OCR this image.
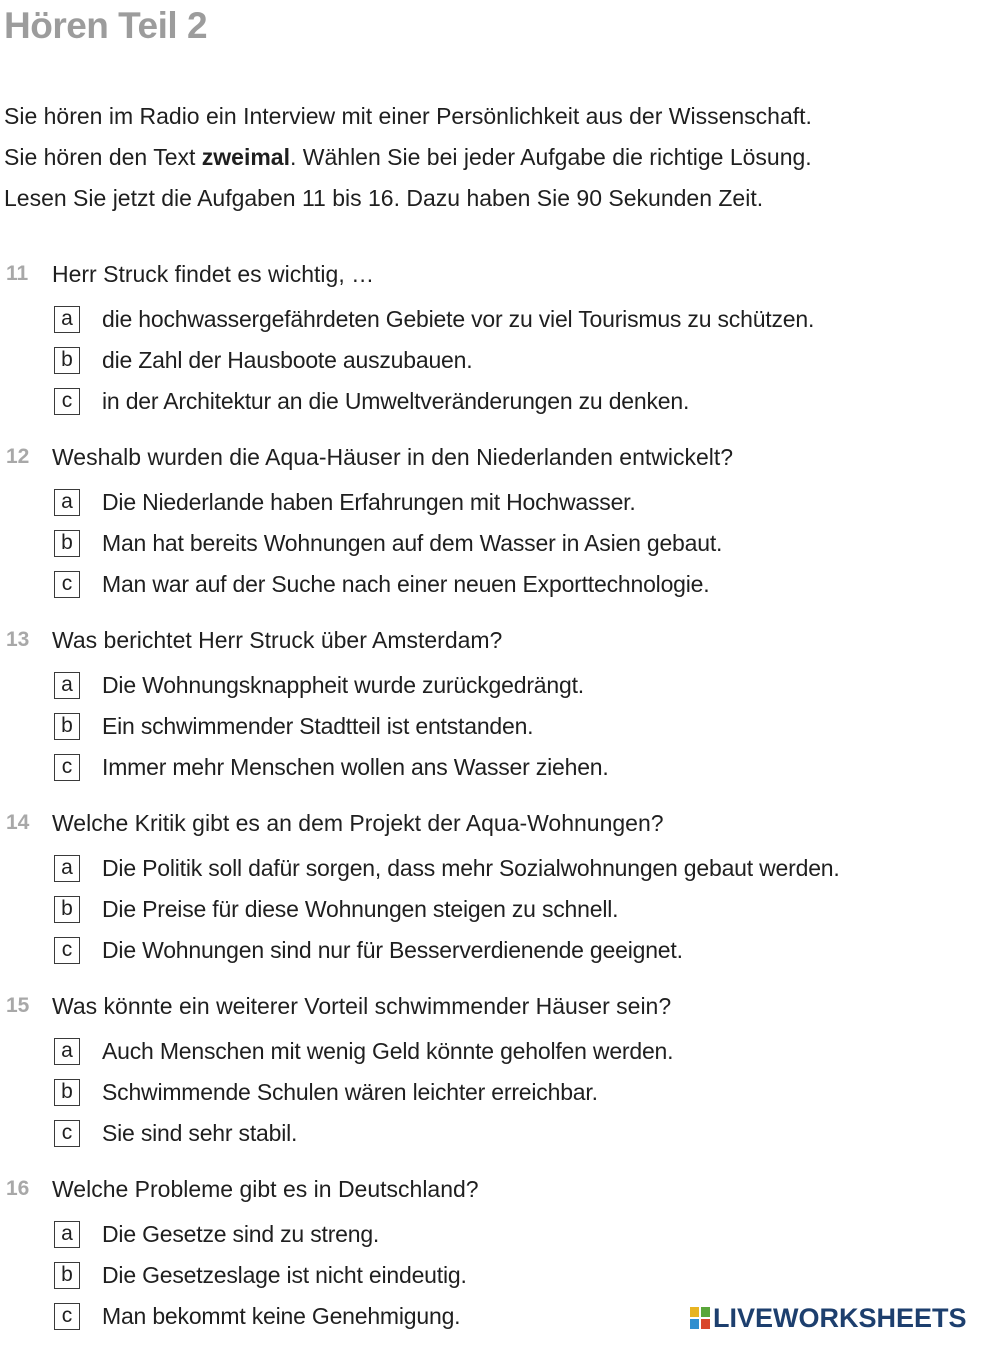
Hören Teil 2
Sie hören im Radio ein Interview mit einer Persönlichkeit aus der Wissenschaft.
Sie hören den Text zweimal. Wählen Sie bei jeder Aufgabe die richtige Lösung.
Lesen Sie jetzt die Aufgaben 11 bis 16. Dazu haben Sie 90 Sekunden Zeit.
11	Herr Struck findet es wichtig, …
a	die hochwassergefährdeten Gebiete vor zu viel Tourismus zu schützen.
b	die Zahl der Hausboote auszubauen.
c	in der Architektur an die Umweltveränderungen zu denken.
12 Weshalb wurden die Aqua-Häuser in den Niederlanden entwickelt?
a	Die Niederlande haben Erfahrungen mit Hochwasser.
b	Man hat bereits Wohnungen auf dem Wasser in Asien gebaut.
c	Man war auf der Suche nach einer neuen Exporttechnologie.
13 Was berichtet Herr Struck über Amsterdam?
a	Die Wohnungsknappheit wurde zurückgedrängt.
b	Ein schwimmender Stadtteil ist entstanden.
c	Immer mehr Menschen wollen ans Wasser ziehen.
14 Welche Kritik gibt es an dem Projekt der Aqua-Wohnungen?
a	Die Politik soll dafür sorgen, dass mehr Sozialwohnungen gebaut werden.
b	Die Preise für diese Wohnungen steigen zu schnell.
c	Die Wohnungen sind nur für Besserverdienende geeignet.
15 Was könnte ein weiterer Vorteil schwimmender Häuser sein?
a	Auch Menschen mit wenig Geld könnte geholfen werden.
b	Schwimmende Schulen wären leichter erreichbar.
c	Sie sind sehr stabil.
16 Welche Probleme gibt es in Deutschland?
a	Die Gesetze sind zu streng.
b	Die Gesetzeslage ist nicht eindeutig.
c	Man bekommt keine Genehmigung.	LIVEWORKSHEETS
